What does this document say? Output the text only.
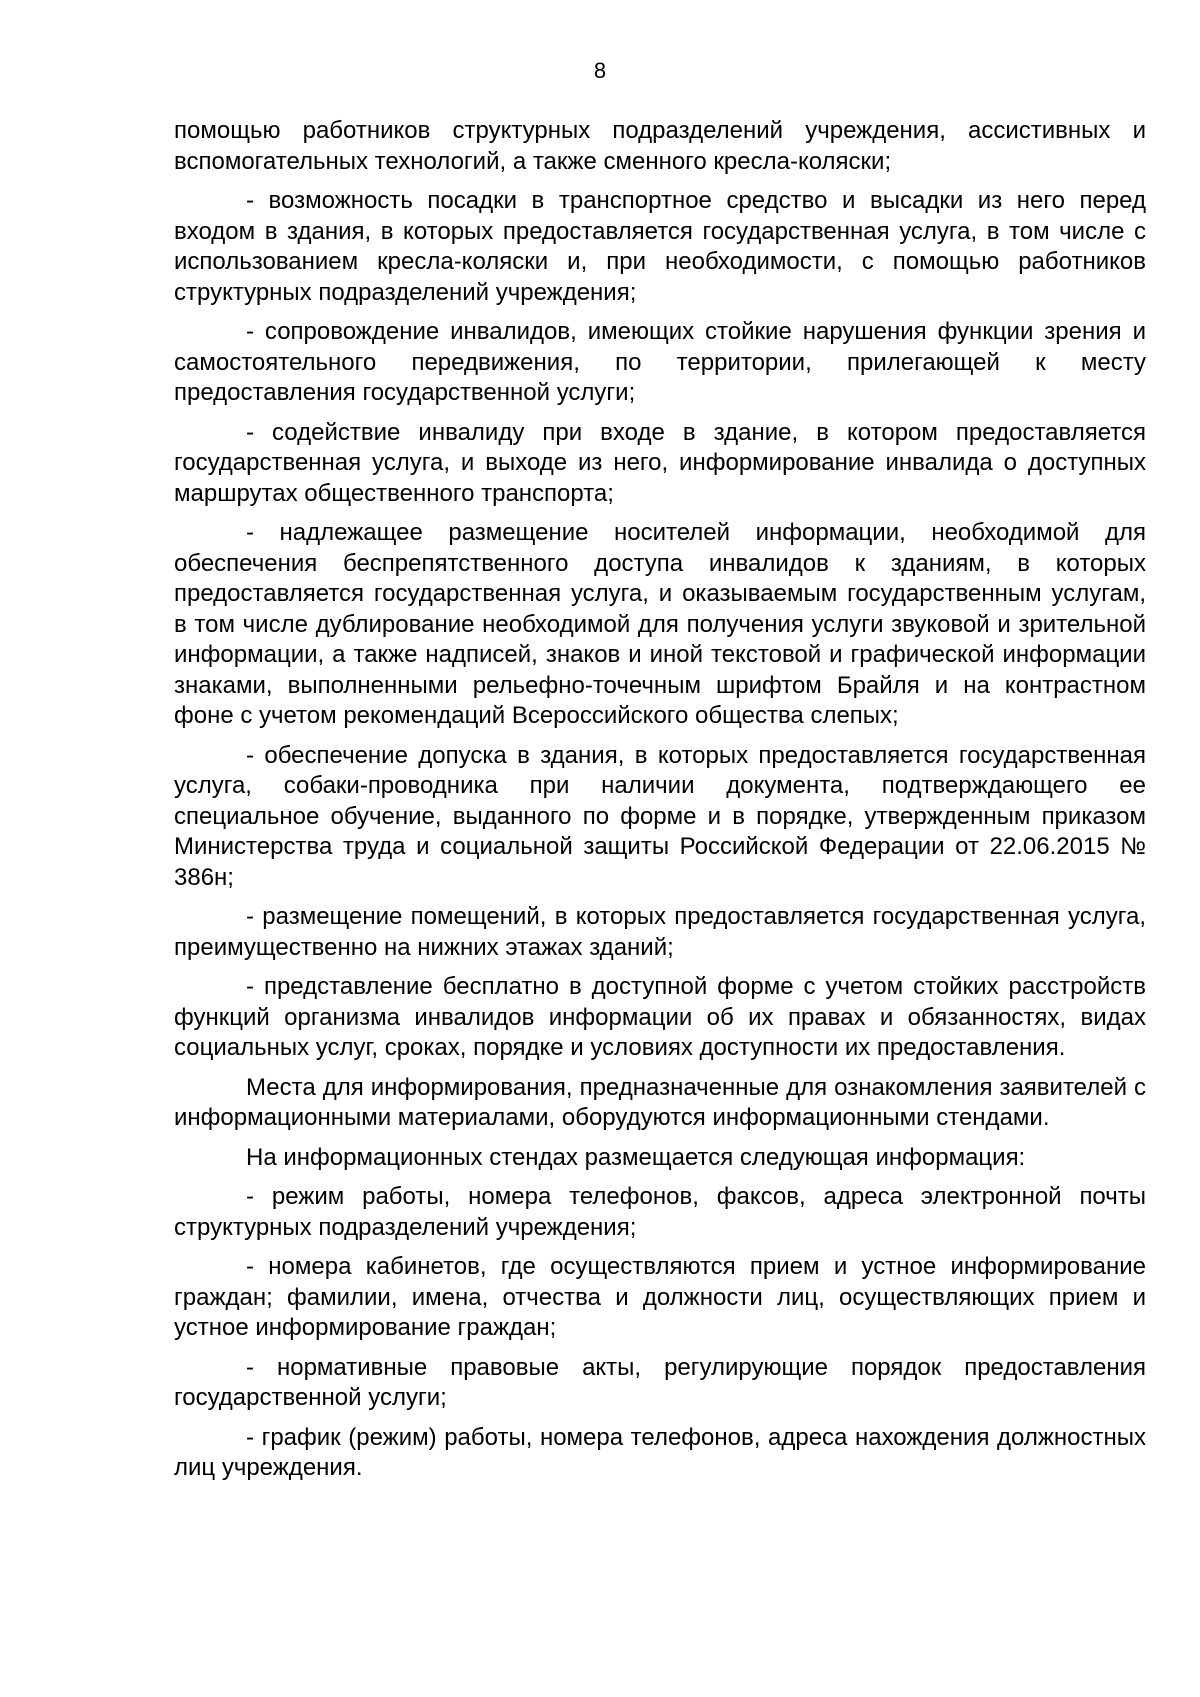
8

помощью работников структурных подразделений учреждения, ассистивных и вспомогательных технологий, а также сменного кресла-коляски;

- возможность посадки в транспортное средство и высадки из него перед входом в здания, в которых предоставляется государственная услуга, в том числе с использованием кресла-коляски и, при необходимости, с помощью работников структурных подразделений учреждения;

- сопровождение инвалидов, имеющих стойкие нарушения функции зрения и самостоятельного передвижения, по территории, прилегающей к месту предоставления государственной услуги;

- содействие инвалиду при входе в здание, в котором предоставляется государственная услуга, и выходе из него, информирование инвалида о доступных маршрутах общественного транспорта;

- надлежащее размещение носителей информации, необходимой для обеспечения беспрепятственного доступа инвалидов к зданиям, в которых предоставляется государственная услуга, и оказываемым государственным услугам, в том числе дублирование необходимой для получения услуги звуковой и зрительной информации, а также надписей, знаков и иной текстовой и графической информации знаками, выполненными рельефно-точечным шрифтом Брайля и на контрастном фоне с учетом рекомендаций Всероссийского общества слепых;

- обеспечение допуска в здания, в которых предоставляется государственная услуга, собаки-проводника при наличии документа, подтверждающего ее специальное обучение, выданного по форме и в порядке, утвержденным приказом Министерства труда и социальной защиты Российской Федерации от 22.06.2015 № 386н;

- размещение помещений, в которых предоставляется государственная услуга, преимущественно на нижних этажах зданий;

- представление бесплатно в доступной форме с учетом стойких расстройств функций организма инвалидов информации об их правах и обязанностях, видах социальных услуг, сроках, порядке и условиях доступности их предоставления.

Места для информирования, предназначенные для ознакомления заявителей с информационными материалами, оборудуются информационными стендами.

На информационных стендах размещается следующая информация:

- режим работы, номера телефонов, факсов, адреса электронной почты структурных подразделений учреждения;

- номера кабинетов, где осуществляются прием и устное информирование граждан; фамилии, имена, отчества и должности лиц, осуществляющих прием и устное информирование граждан;

- нормативные правовые акты, регулирующие порядок предоставления государственной услуги;

- график (режим) работы, номера телефонов, адреса нахождения должностных лиц учреждения.
